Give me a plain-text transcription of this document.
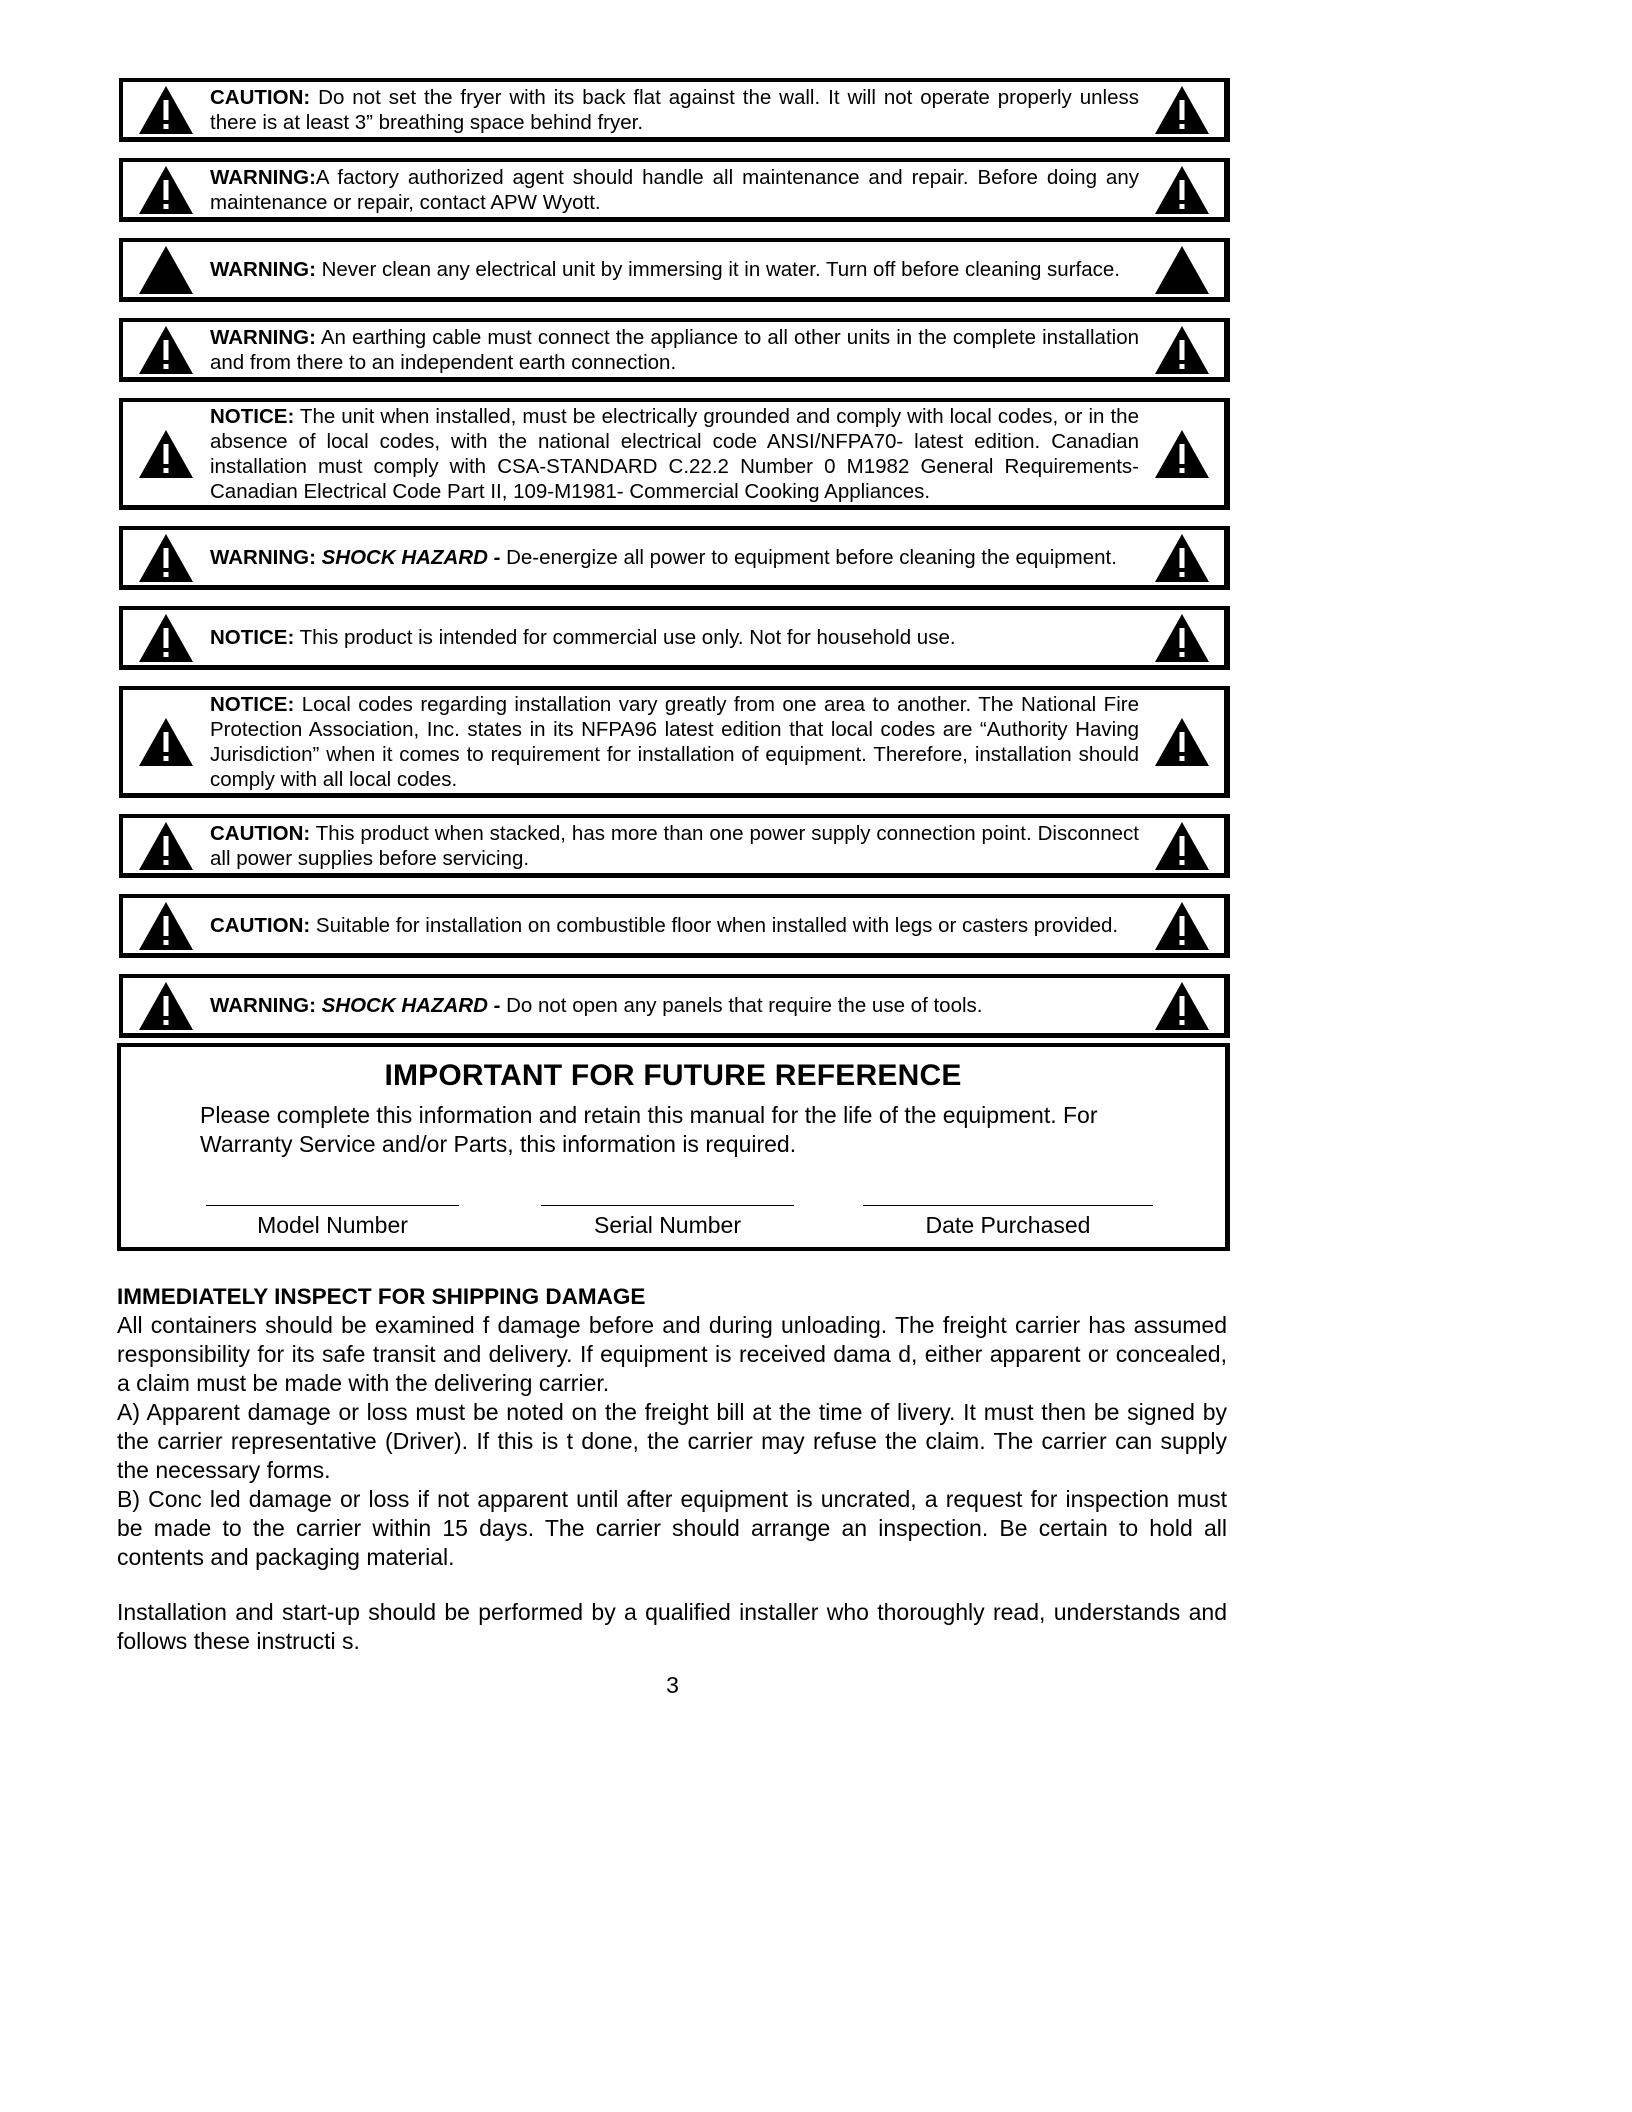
CAUTION: Do not set the fryer with its back flat against the wall. It will not operate properly unless there is at least 3” breathing space behind fryer.

WARNING:A factory authorized agent should handle all maintenance and repair. Before doing any maintenance or repair, contact APW Wyott.

WARNING: Never clean any electrical unit by immersing it in water. Turn off before cleaning surface.

WARNING: An earthing cable must connect the appliance to all other units in the complete installation and from there to an independent earth connection.

NOTICE: The unit when installed, must be electrically grounded and comply with local codes, or in the absence of local codes, with the national electrical code ANSI/NFPA70- latest edition. Canadian installation must comply with CSA-STANDARD C.22.2 Number 0 M1982 General Requirements-Canadian Electrical Code Part II, 109-M1981- Commercial Cooking Appliances.

WARNING: SHOCK HAZARD - De-energize all power to equipment before cleaning the equipment.

NOTICE: This product is intended for commercial use only. Not for household use.

NOTICE: Local codes regarding installation vary greatly from one area to another. The National Fire Protection Association, Inc. states in its NFPA96 latest edition that local codes are “Authority Having Jurisdiction” when it comes to requirement for installation of equipment. Therefore, installation should comply with all local codes.

CAUTION: This product when stacked, has more than one power supply connection point. Disconnect all power supplies before servicing.

CAUTION: Suitable for installation on combustible floor when installed with legs or casters provided.

WARNING: SHOCK HAZARD - Do not open any panels that require the use of tools.

IMPORTANT FOR FUTURE REFERENCE
Please complete this information and retain this manual for the life of the equipment. For Warranty Service and/or Parts, this information is required.
Model Number	Serial Number	Date Purchased
IMMEDIATELY INSPECT FOR SHIPPING DAMAGE

All containers should be examined f damage before and during unloading. The freight carrier has assumed responsibility for its safe transit and delivery. If equipment is received dama d, either apparent or concealed, a claim must be made with the delivering carrier.

A) Apparent damage or loss must be noted on the freight bill at the time of livery. It must then be signed by the carrier representative (Driver). If this is t done, the carrier may refuse the claim. The carrier can supply the necessary forms.

B) Conc led damage or loss if not apparent until after equipment is uncrated, a request for inspection must be made to the carrier within 15 days. The carrier should arrange an inspection. Be certain to hold all contents and packaging material.

Installation and start-up should be performed by a qualified installer who thoroughly read, understands and follows these instructi s.

3
